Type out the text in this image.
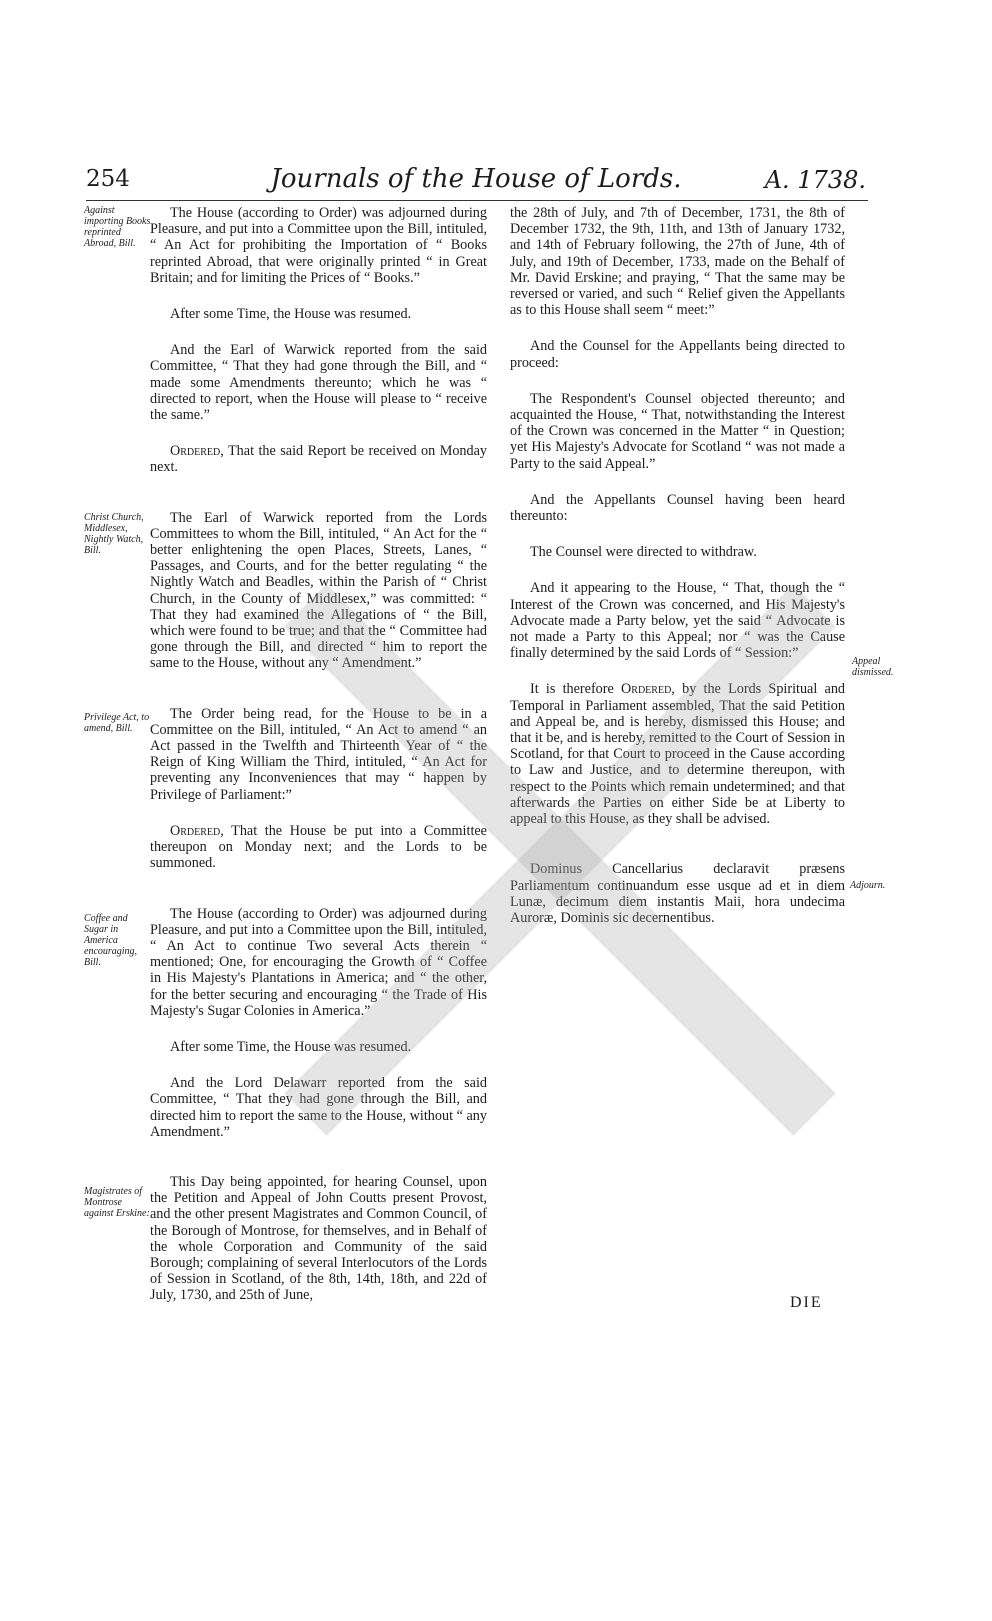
254	Journals of the House of Lords.	A. 1738.
Against importing Books reprinted Abroad, Bill.
Christ Church, Middlesex, Nightly Watch, Bill.
Privilege Act, to amend, Bill.
Coffee and Sugar in America encouraging, Bill.
Magistrates of Montrose against Erskine:
Appeal dismissed.
Adjourn.

The House (according to Order) was adjourned during Pleasure, and put into a Committee upon the Bill, intituled, “ An Act for prohibiting the Importation of “ Books reprinted Abroad, that were originally printed “ in Great Britain; and for limiting the Prices of “ Books.”

After some Time, the House was resumed.

And the Earl of Warwick reported from the said Committee, “ That they had gone through the Bill, and “ made some Amendments thereunto; which he was “ directed to report, when the House will please to “ receive the same.”

Ordered, That the said Report be received on Monday next.

The Earl of Warwick reported from the Lords Committees to whom the Bill, intituled, “ An Act for the “ better enlightening the open Places, Streets, Lanes, “ Passages, and Courts, and for the better regulating “ the Nightly Watch and Beadles, within the Parish of “ Christ Church, in the County of Middlesex,” was committed: “ That they had examined the Allegations of “ the Bill, which were found to be true; and that the “ Committee had gone through the Bill, and directed “ him to report the same to the House, without any “ Amendment.”

The Order being read, for the House to be in a Committee on the Bill, intituled, “ An Act to amend “ an Act passed in the Twelfth and Thirteenth Year of “ the Reign of King William the Third, intituled, “ An Act for preventing any Inconveniences that may “ happen by Privilege of Parliament:”

Ordered, That the House be put into a Committee thereupon on Monday next; and the Lords to be summoned.

The House (according to Order) was adjourned during Pleasure, and put into a Committee upon the Bill, intituled, “ An Act to continue Two several Acts therein “ mentioned; One, for encouraging the Growth of “ Coffee in His Majesty's Plantations in America; and “ the other, for the better securing and encouraging “ the Trade of His Majesty's Sugar Colonies in America.”

After some Time, the House was resumed.

And the Lord Delawarr reported from the said Committee, “ That they had gone through the Bill, and directed him to report the same to the House, without “ any Amendment.”

This Day being appointed, for hearing Counsel, upon the Petition and Appeal of John Coutts present Provost, and the other present Magistrates and Common Council, of the Borough of Montrose, for themselves, and in Behalf of the whole Corporation and Community of the said Borough; complaining of several Interlocutors of the Lords of Session in Scotland, of the 8th, 14th, 18th, and 22d of July, 1730, and 25th of June,

the 28th of July, and 7th of December, 1731, the 8th of December 1732, the 9th, 11th, and 13th of January 1732, and 14th of February following, the 27th of June, 4th of July, and 19th of December, 1733, made on the Behalf of Mr. David Erskine; and praying, “ That the same may be reversed or varied, and such “ Relief given the Appellants as to this House shall seem “ meet:”

And the Counsel for the Appellants being directed to proceed:

The Respondent's Counsel objected thereunto; and acquainted the House, “ That, notwithstanding the Interest of the Crown was concerned in the Matter “ in Question; yet His Majesty's Advocate for Scotland “ was not made a Party to the said Appeal.”

And the Appellants Counsel having been heard thereunto:

The Counsel were directed to withdraw.

And it appearing to the House, “ That, though the “ Interest of the Crown was concerned, and His Majesty's Advocate made a Party below, yet the said “ Advocate is not made a Party to this Appeal; nor “ was the Cause finally determined by the said Lords of “ Session:”

It is therefore Ordered, by the Lords Spiritual and Temporal in Parliament assembled, That the said Petition and Appeal be, and is hereby, dismissed this House; and that it be, and is hereby, remitted to the Court of Session in Scotland, for that Court to proceed in the Cause according to Law and Justice, and to determine thereupon, with respect to the Points which remain undetermined; and that afterwards the Parties on either Side be at Liberty to appeal to this House, as they shall be advised.

Dominus Cancellarius declaravit præsens Parliamentum continuandum esse usque ad et in diem Lunæ, decimum diem instantis Maii, hora undecima Auroræ, Dominis sic decernentibus.

DIE
